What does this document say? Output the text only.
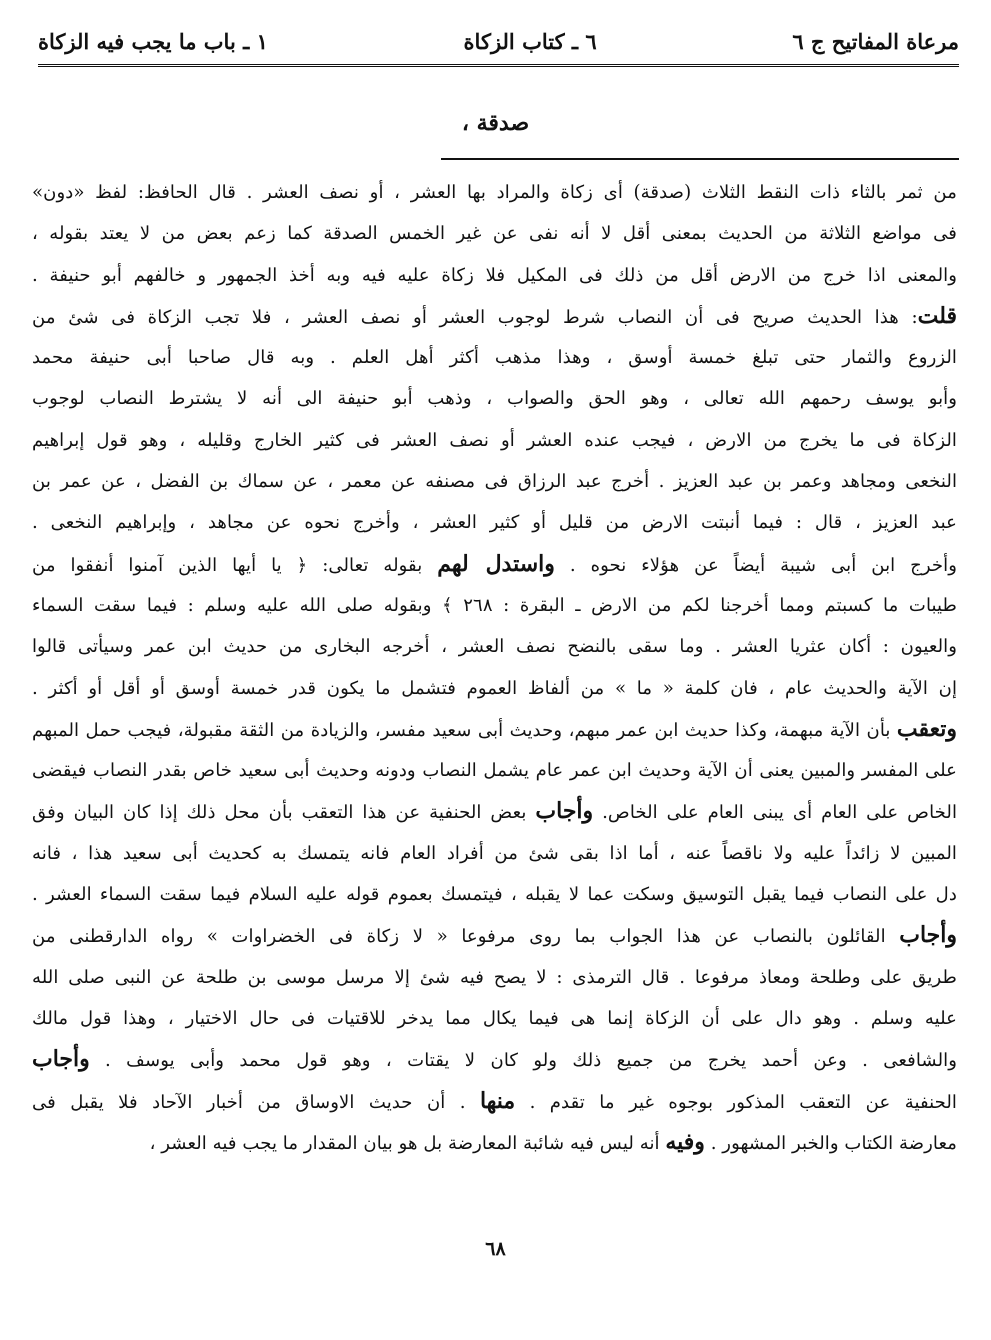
مرعاة المفاتيح ج ٦
٦ ـ كتاب الزكاة
١ ـ باب ما يجب فيه الزكاة
صدقة ،
من ثمر بالثاء ذات النقط الثلاث (صدقة) أى زكاة والمراد بها العشر ، أو نصف العشر . قال الحافظ: لفظ «دون»
فى مواضع الثلاثة من الحديث بمعنى أقل لا أنه نفى عن غير الخمس الصدقة كما زعم بعض من لا يعتد بقوله ،
والمعنى اذا خرج من الارض أقل من ذلك فى المكيل فلا زكاة عليه فيه وبه أخذ الجمهور و خالفهم أبو حنيفة .
قلت: هذا الحديث صريح فى أن النصاب شرط لوجوب العشر أو نصف العشر ، فلا تجب الزكاة فى شئ من
الزروع والثمار حتى تبلغ خمسة أوسق ، وهذا مذهب أكثر أهل العلم . وبه قال صاحبا أبى حنيفة محمد
وأبو يوسف رحمهم الله تعالى ، وهو الحق والصواب ، وذهب أبو حنيفة الى أنه لا يشترط النصاب لوجوب
الزكاة فى ما يخرج من الارض ، فيجب عنده العشر أو نصف العشر فى كثير الخارج وقليله ، وهو قول إبراهيم
النخعى ومجاهد وعمر بن عبد العزيز . أخرج عبد الرزاق فى مصنفه عن معمر ، عن سماك بن الفضل ، عن عمر بن
عبد العزيز ، قال : فيما أنبتت الارض من قليل أو كثير العشر ، وأخرج نحوه عن مجاهد ، وإبراهيم النخعى .
وأخرج ابن أبى شيبة أيضاً عن هؤلاء نحوه . واستدل لهم بقوله تعالى: ﴿ يا أيها الذين آمنوا أنفقوا من
طيبات ما كسبتم ومما أخرجنا لكم من الارض ـ البقرة : ٢٦٨ ﴾ وبقوله صلى الله عليه وسلم : فيما سقت السماء
والعيون : أكان عثريا العشر . وما سقى بالنضح نصف العشر ، أخرجه البخارى من حديث ابن عمر وسيأتى قالوا
إن الآية والحديث عام ، فان كلمة « ما » من ألفاظ العموم فتشمل ما يكون قدر خمسة أوسق أو أقل أو أكثر .
وتعقب بأن الآية مبهمة، وكذا حديث ابن عمر مبهم، وحديث أبى سعيد مفسر، والزيادة من الثقة مقبولة، فيجب حمل المبهم
على المفسر والمبين يعنى أن الآية وحديث ابن عمر عام يشمل النصاب ودونه وحديث أبى سعيد خاص بقدر النصاب فيقضى
الخاص على العام أى يبنى العام على الخاص. وأجاب بعض الحنفية عن هذا التعقب بأن محل ذلك إذا كان البيان وفق
المبين لا زائداً عليه ولا ناقصاً عنه ، أما اذا بقى شئ من أفراد العام فانه يتمسك به كحديث أبى سعيد هذا ، فانه
دل على النصاب فيما يقبل التوسيق وسكت عما لا يقبله ، فيتمسك بعموم قوله عليه السلام فيما سقت السماء العشر .
وأجاب القائلون بالنصاب عن هذا الجواب بما روى مرفوعا « لا زكاة فى الخضراوات » رواه الدارقطنى من
طريق على وطلحة ومعاذ مرفوعا . قال الترمذى : لا يصح فيه شئ إلا مرسل موسى بن طلحة عن النبى صلى الله
عليه وسلم . وهو دال على أن الزكاة إنما هى فيما يكال مما يدخر للاقتيات فى حال الاختيار ، وهذا قول مالك
والشافعى . وعن أحمد يخرج من جميع ذلك ولو كان لا يقتات ، وهو قول محمد وأبى يوسف . وأجاب
الحنفية عن التعقب المذكور بوجوه غير ما تقدم . منها . أن حديث الاوساق من أخبار الآحاد فلا يقبل فى
معارضة الكتاب والخبر المشهور . وفيه أنه ليس فيه شائبة المعارضة بل هو بيان المقدار ما يجب فيه العشر ،
٦٨
